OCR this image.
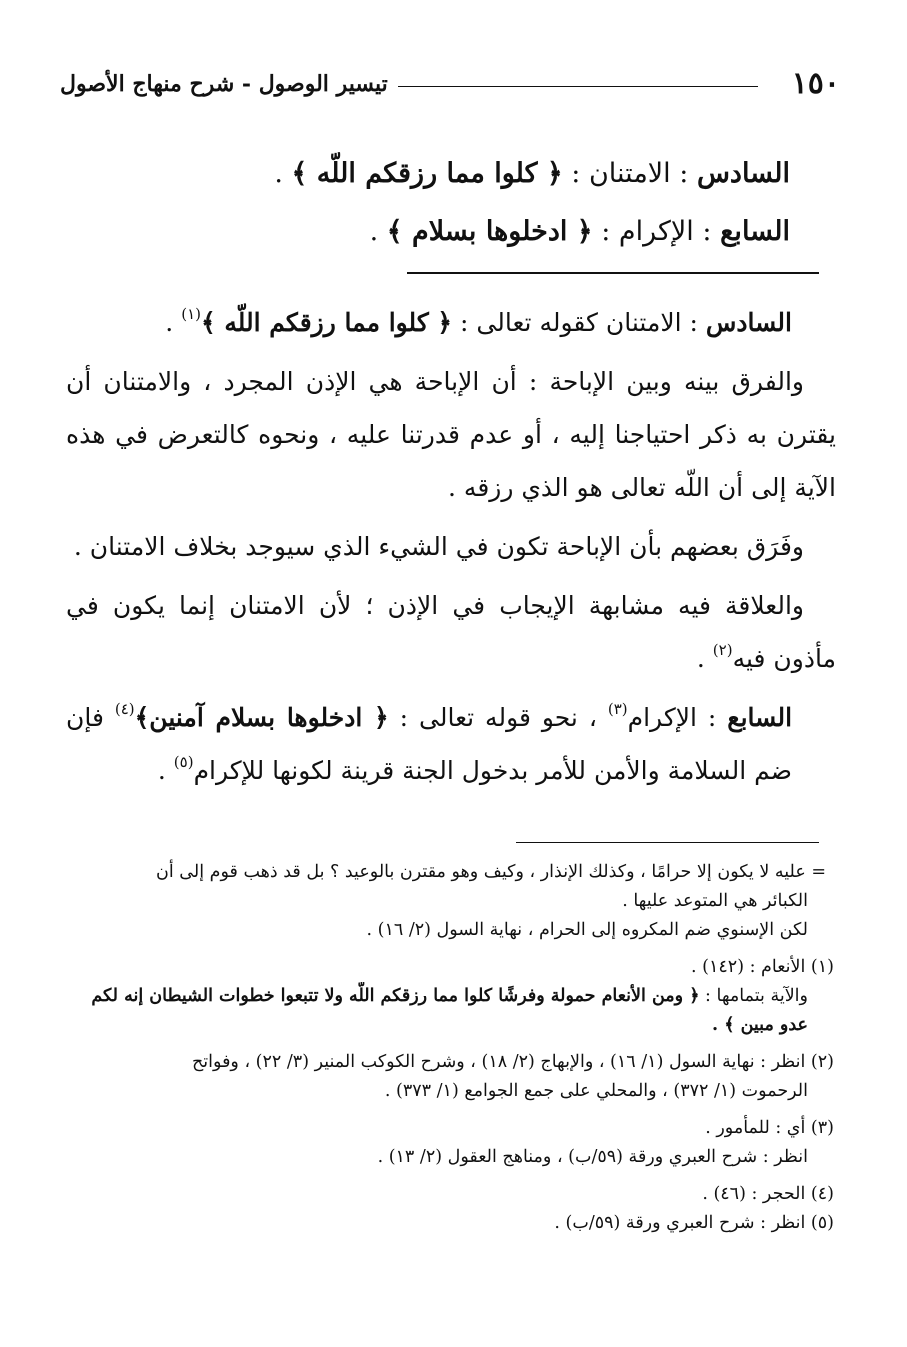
١٥٠
تيسير الوصول - شرح منهاج الأصول
السادس : الامتنان : ﴿ كلوا مما رزقكم اللّه ﴾ .
السابع : الإكرام : ﴿ ادخلوها بسلام ﴾ .

السادس : الامتنان كقوله تعالى : ﴿ كلوا مما رزقكم اللّه ﴾$^{(١)}$ .

والفرق بينه وبين الإباحة : أن الإباحة هي الإذن المجرد ، والامتنان أن يقترن به ذكر احتياجنا إليه ، أو عدم قدرتنا عليه ، ونحوه كالتعرض في هذه الآية إلى أن اللّه تعالى هو الذي رزقه .

وفَرَق بعضهم بأن الإباحة تكون في الشيء الذي سيوجد بخلاف الامتنان .

والعلاقة فيه مشابهة الإيجاب في الإذن ؛ لأن الامتنان إنما يكون في مأذون فيه$^{(٢)}$ .

السابع : الإكرام$^{(٣)}$ ، نحو قوله تعالى : ﴿ ادخلوها بسلام آمنين﴾$^{(٤)}$ فإن ضم السلامة والأمن للأمر بدخول الجنة قرينة لكونها للإكرام$^{(٥)}$ .

= عليه لا يكون إلا حرامًا ، وكذلك الإنذار ، وكيف وهو مقترن بالوعيد ؟ بل قد ذهب قوم إلى أن
الكبائر هي المتوعد عليها .
لكن الإسنوي ضم المكروه إلى الحرام ، نهاية السول (٢/ ١٦) .
(١) الأنعام : (١٤٢) .
والآية بتمامها : ﴿ ومن الأنعام حمولة وفرشًا كلوا مما رزقكم اللّه ولا تتبعوا خطوات الشيطان إنه لكم
عدو مبين ﴾ .
(٢) انظر : نهاية السول (١/ ١٦) ، والإبهاج (٢/ ١٨) ، وشرح الكوكب المنير (٣/ ٢٢) ، وفواتح
الرحموت (١/ ٣٧٢) ، والمحلي على جمع الجوامع (١/ ٣٧٣) .
(٣) أي : للمأمور .
انظر : شرح العبري ورقة (٥٩/ب) ، ومناهج العقول (٢/ ١٣) .
(٤) الحجر : (٤٦) .
(٥) انظر : شرح العبري ورقة (٥٩/ب) .
